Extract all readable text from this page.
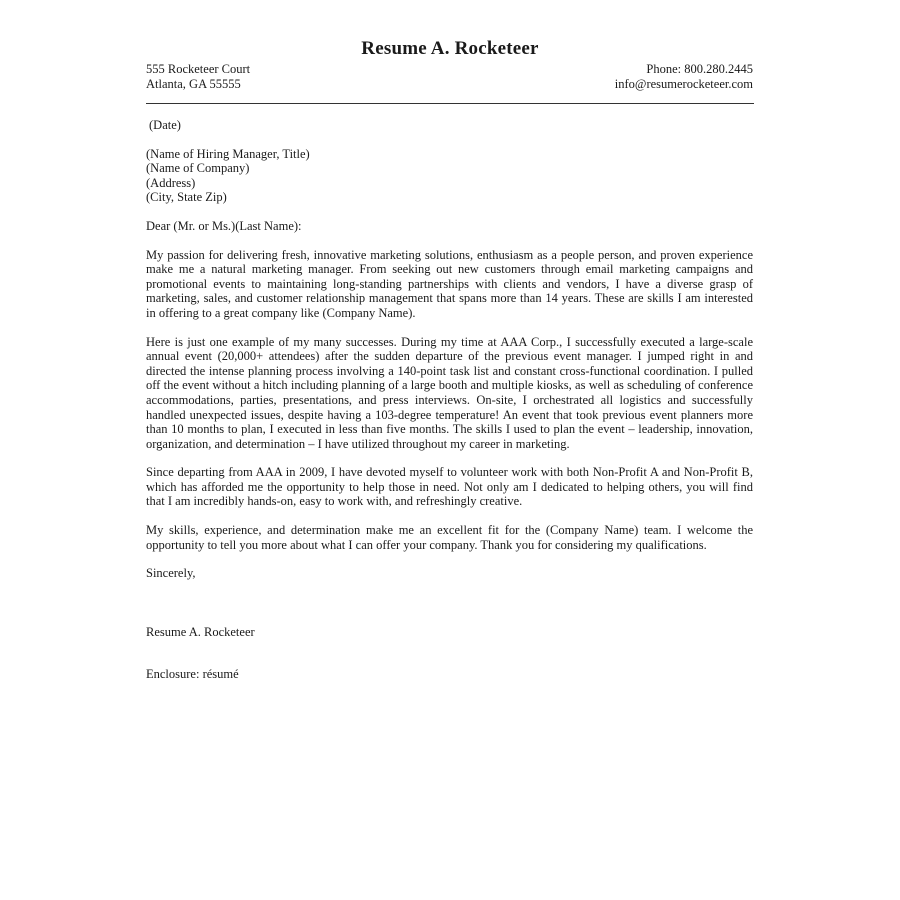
Resume A. Rocketeer
555 Rocketeer Court
Atlanta, GA 55555
Phone: 800.280.2445
info@resumerocketeer.com
(Date)
(Name of Hiring Manager, Title)
(Name of Company)
(Address)
(City, State Zip)
Dear (Mr. or Ms.)(Last Name):

My passion for delivering fresh, innovative marketing solutions, enthusiasm as a people person, and proven experience make me a natural marketing manager. From seeking out new customers through email marketing campaigns and promotional events to maintaining long-standing partnerships with clients and vendors, I have a diverse grasp of marketing, sales, and customer relationship management that spans more than 14 years. These are skills I am interested in offering to a great company like (Company Name).

Here is just one example of my many successes. During my time at AAA Corp., I successfully executed a large-scale annual event (20,000+ attendees) after the sudden departure of the previous event manager. I jumped right in and directed the intense planning process involving a 140-point task list and constant cross-functional coordination. I pulled off the event without a hitch including planning of a large booth and multiple kiosks, as well as scheduling of conference accommodations, parties, presentations, and press interviews. On-site, I orchestrated all logistics and successfully handled unexpected issues, despite having a 103-degree temperature! An event that took previous event planners more than 10 months to plan, I executed in less than five months. The skills I used to plan the event – leadership, innovation, organization, and determination – I have utilized throughout my career in marketing.

Since departing from AAA in 2009, I have devoted myself to volunteer work with both Non-Profit A and Non-Profit B, which has afforded me the opportunity to help those in need. Not only am I dedicated to helping others, you will find that I am incredibly hands-on, easy to work with, and refreshingly creative.

My skills, experience, and determination make me an excellent fit for the (Company Name) team. I welcome the opportunity to tell you more about what I can offer your company. Thank you for considering my qualifications.

Sincerely,
Resume A. Rocketeer
Enclosure: résumé
